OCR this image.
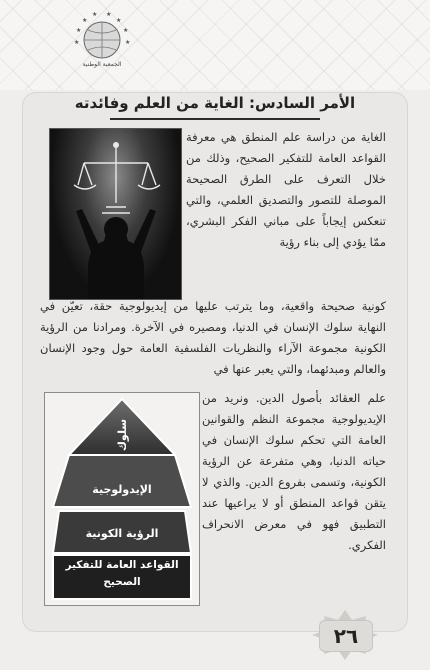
★
★
★
★ ★
★
★
★
الجمعية الوطنية
الأمر السادس: الغاية من العلم وفائدته
الغاية من دراسة علم المنطق هي معرفة القواعد العامة للتفكير الصحيح، وذلك من خلال التعرف على الطرق الصحيحة الموصلة للتصور والتصديق العلمي، والتي تنعكس إيجاباً على مباني الفكر البشري، ممّا يؤدي إلى بناء رؤية
كونية صحيحة واقعية، وما يترتب عليها من إيديولوجية حقة، تعيّن في النهاية سلوك الإنسان في الدنيا، ومصيره في الآخرة. ومرادنا من الرؤية الكونية مجموعة الآراء والنظريات الفلسفية العامة حول وجود الإنسان والعالم ومبدئهما، والتي يعبر عنها في
علم العقائد بأصول الدين. ونريد من الإيديولوجية مجموعة النظم والقوانين العامة التي تحكم سلوك الإنسان في حياته الدنيا، وهي متفرعة عن الرؤية الكونية، وتسمى بفروع الدين. والذي لا يتقن قواعد المنطق أو لا يراعيها عند التطبيق فهو في معرض الانحراف الفكري.
سلوك
الإيدولوجية
الرؤية الكونية
القواعد العامة للتفكير الصحيح
٢٦
